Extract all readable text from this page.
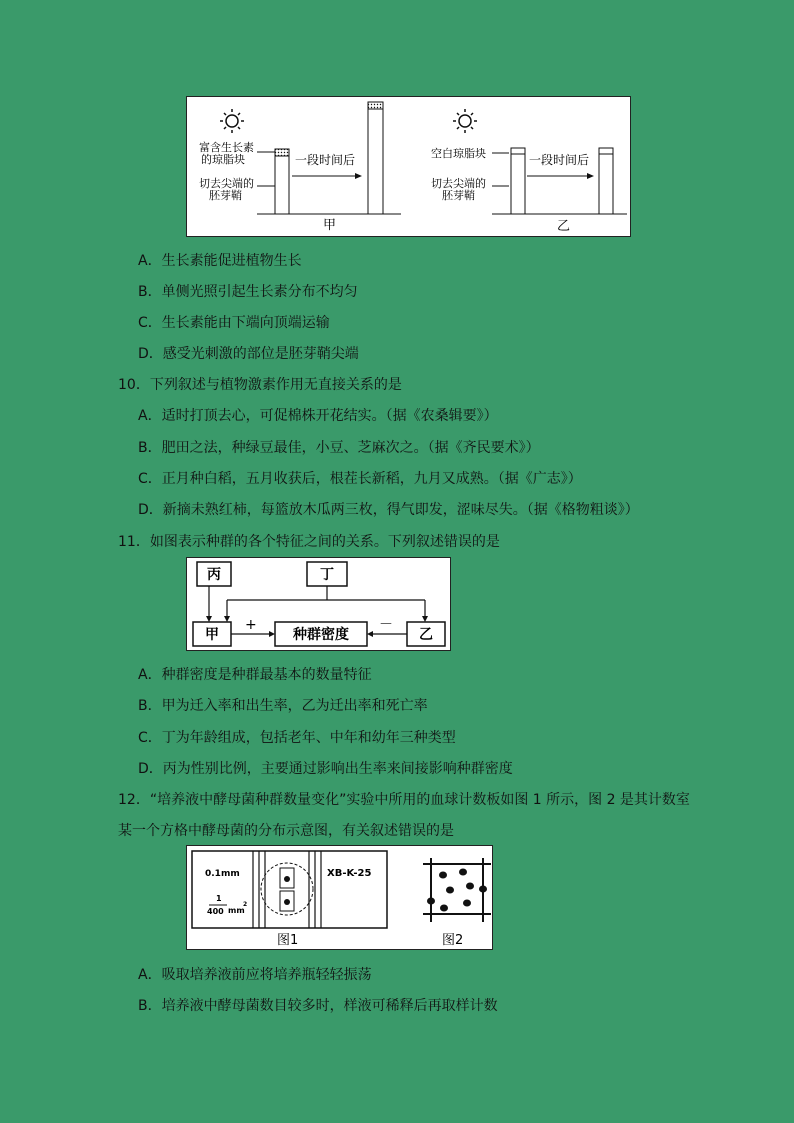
富含生长素
的琼脂块
切去尖端的
胚芽鞘
一段时间后
甲
空白琼脂块
切去尖端的
胚芽鞘
一段时间后
乙
A．生长素能促进植物生长
B．单侧光照引起生长素分布不均匀
C．生长素能由下端向顶端运输
D．感受光刺激的部位是胚芽鞘尖端
10．下列叙述与植物激素作用无直接关系的是
A．适时打顶去心，可促棉株开花结实。（据《农桑辑要》）
B．肥田之法，种绿豆最佳，小豆、芝麻次之。（据《齐民要术》）
C．正月种白稻，五月收获后，根茬长新稻，九月又成熟。（据《广志》）
D．新摘未熟红柿，每篮放木瓜两三枚，得气即发，涩味尽失。（据《格物粗谈》）
11．如图表示种群的各个特征之间的关系。下列叙述错误的是
丙	丁
甲	种群密度	乙
+	－
A．种群密度是种群最基本的数量特征
B．甲为迁入率和出生率，乙为迁出率和死亡率
C．丁为年龄组成，包括老年、中年和幼年三种类型
D．丙为性别比例，主要通过影响出生率来间接影响种群密度
12．“培养液中酵母菌种群数量变化”实验中所用的血球计数板如图 1 所示，图 2 是其计数室
某一个方格中酵母菌的分布示意图，有关叙述错误的是
0.1mm
1
400 mm
2
XB-K-25
图1	图2
A．吸取培养液前应将培养瓶轻轻振荡
B．培养液中酵母菌数目较多时，样液可稀释后再取样计数
